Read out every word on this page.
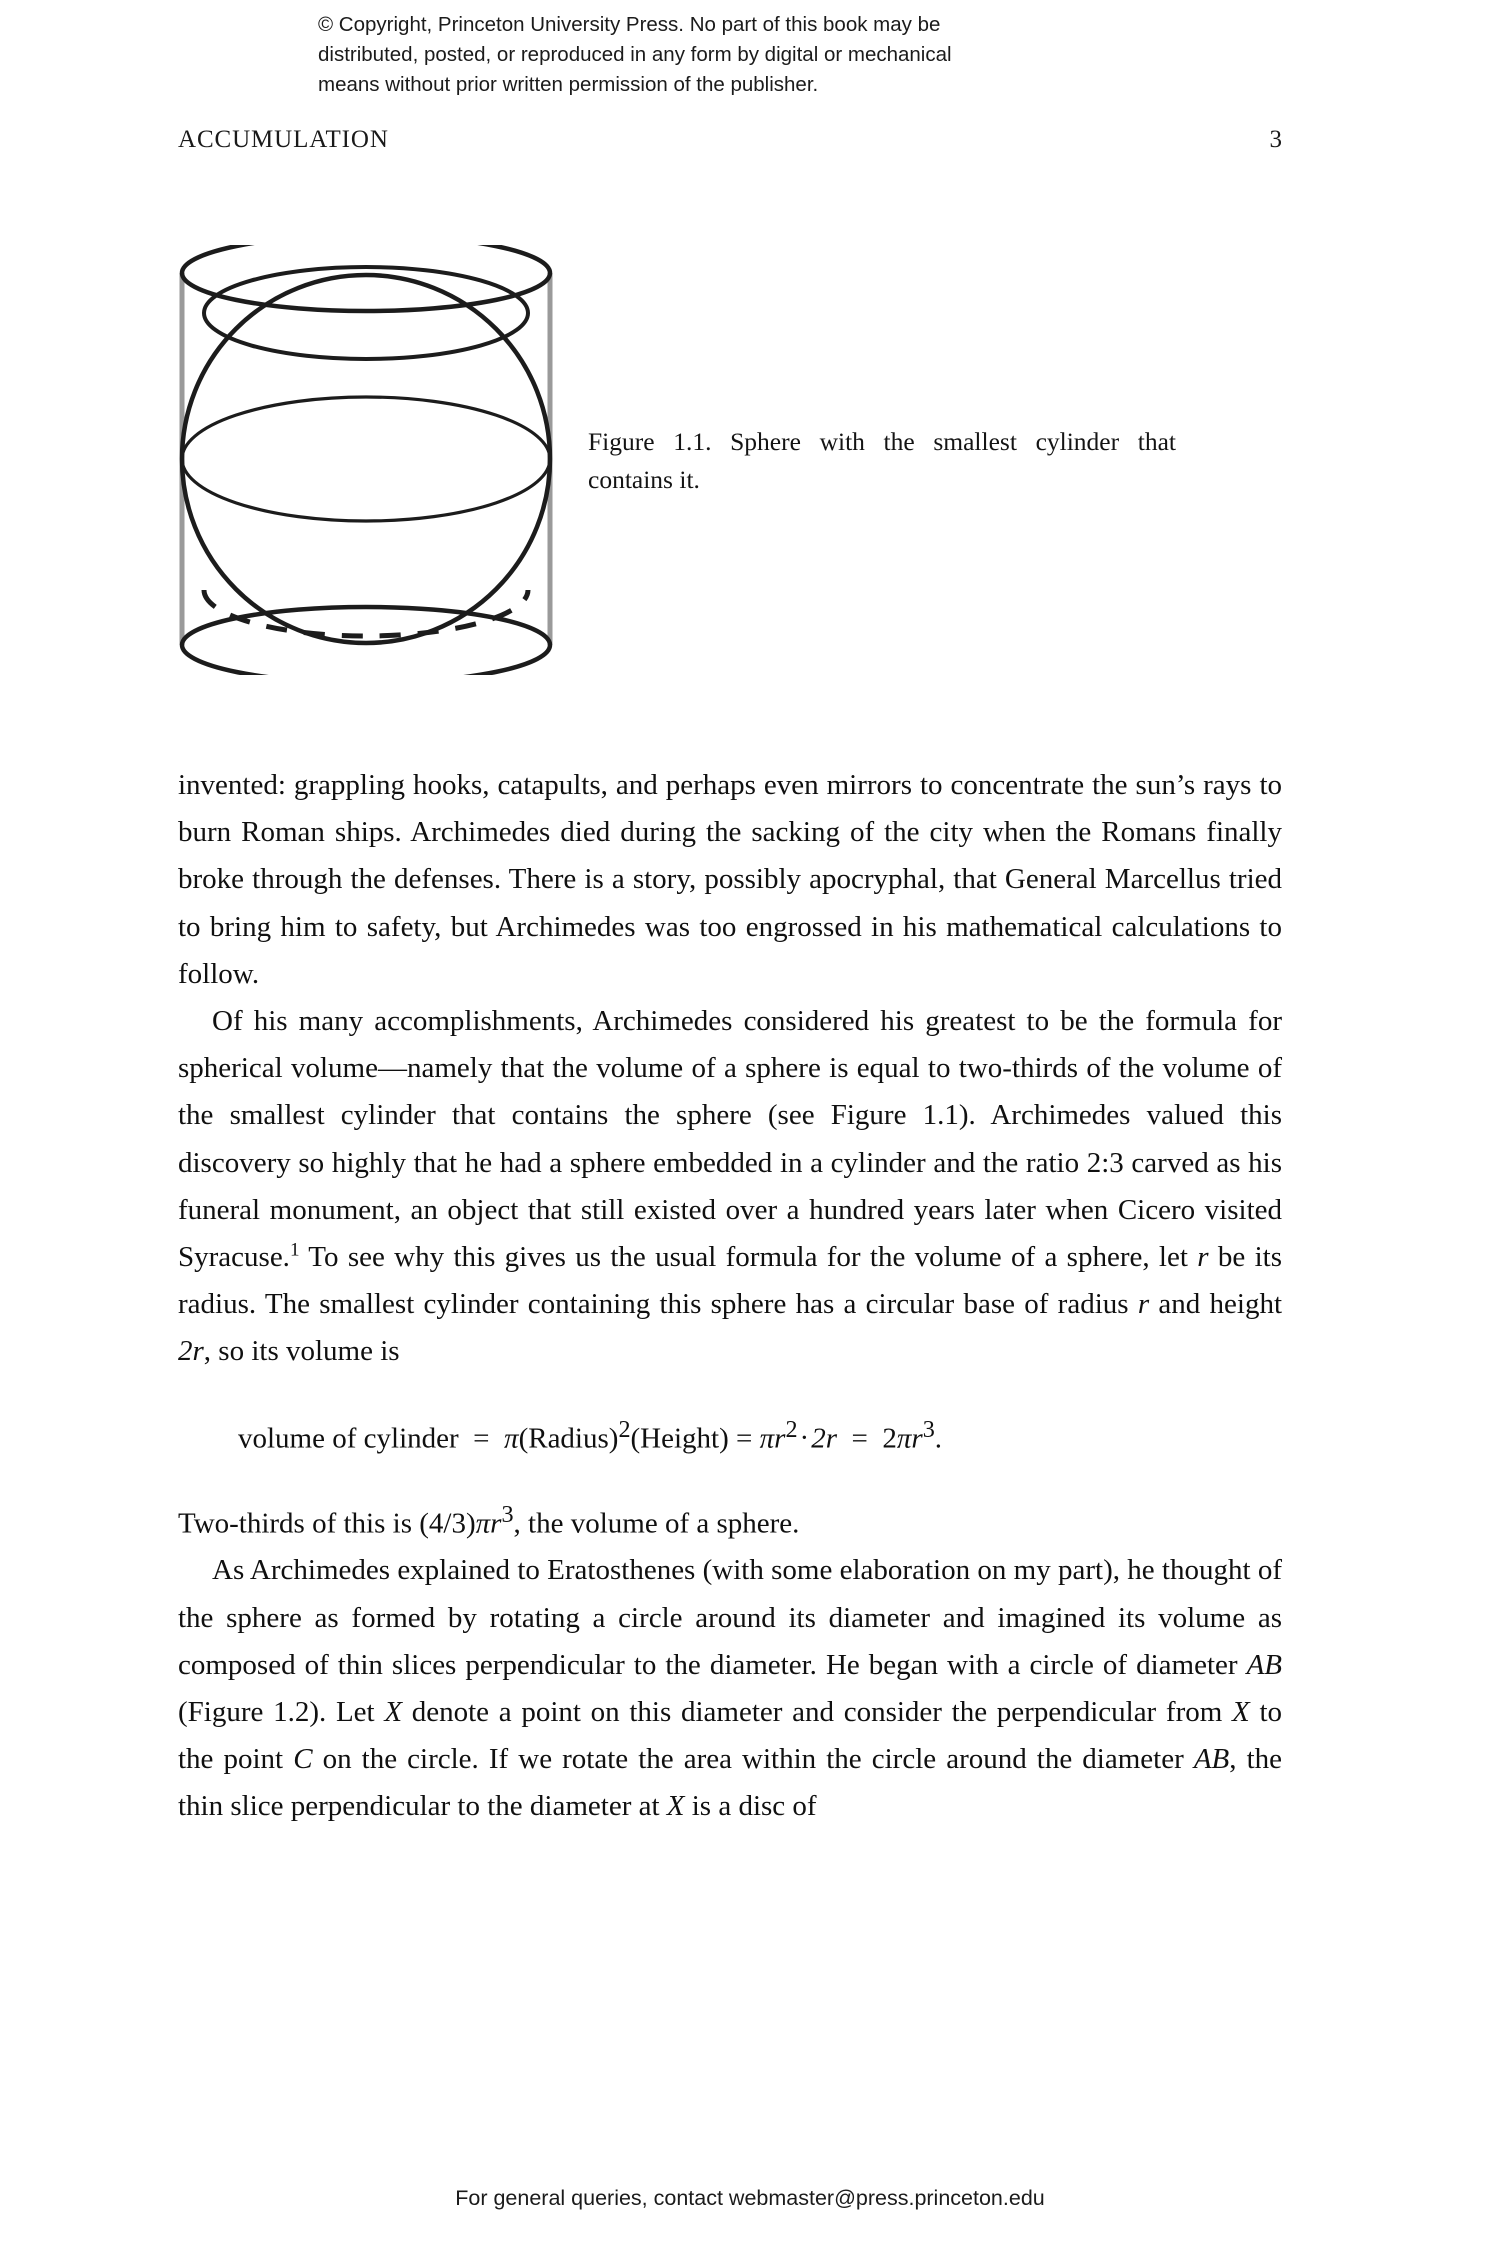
© Copyright, Princeton University Press. No part of this book may be
distributed, posted, or reproduced in any form by digital or mechanical
means without prior written permission of the publisher.
ACCUMULATION	3
Figure 1.1. Sphere with the smallest cylinder that contains it.

invented: grappling hooks, catapults, and perhaps even mirrors to concentrate the sun’s rays to burn Roman ships. Archimedes died during the sacking of the city when the Romans finally broke through the defenses. There is a story, possibly apocryphal, that General Marcellus tried to bring him to safety, but Archimedes was too engrossed in his mathematical calculations to follow.

Of his many accomplishments, Archimedes considered his greatest to be the formula for spherical volume—namely that the volume of a sphere is equal to two-thirds of the volume of the smallest cylinder that contains the sphere (see Figure 1.1). Archimedes valued this discovery so highly that he had a sphere embedded in a cylinder and the ratio 2:3 carved as his funeral monument, an object that still existed over a hundred years later when Cicero visited Syracuse.$^1$ To see why this gives us the usual formula for the volume of a sphere, let r be its radius. The smallest cylinder containing this sphere has a circular base of radius r and height 2r, so its volume is

volume of cylinder = π(Radius)$^2$(Height) = $\pi r^2\cdot 2r = 2\pi r^3$.

Two-thirds of this is $(4/3)\pi r^3$, the volume of a sphere.

As Archimedes explained to Eratosthenes (with some elaboration on my part), he thought of the sphere as formed by rotating a circle around its diameter and imagined its volume as composed of thin slices perpendicular to the diameter. He began with a circle of diameter AB (Figure 1.2). Let X denote a point on this diameter and consider the perpendicular from X to the point C on the circle. If we rotate the area within the circle around the diameter AB, the thin slice perpendicular to the diameter at X is a disc of

For general queries, contact webmaster@press.princeton.edu
